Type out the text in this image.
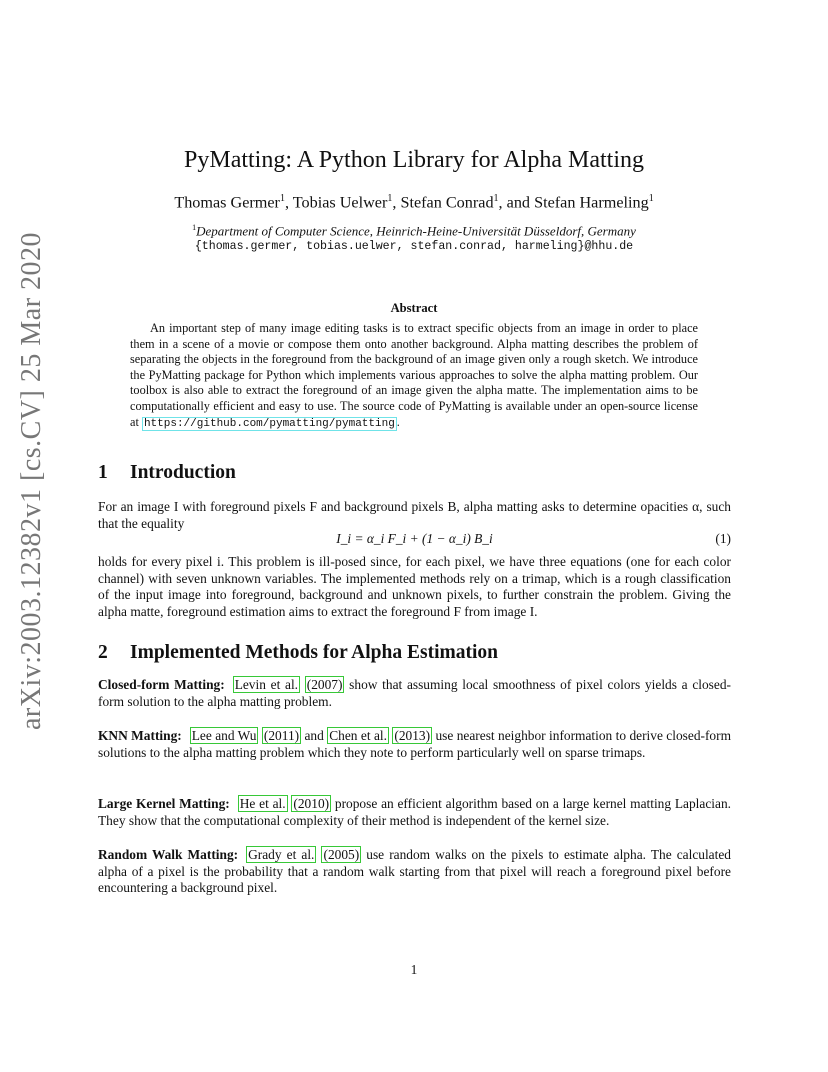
arXiv:2003.12382v1 [cs.CV] 25 Mar 2020
PyMatting: A Python Library for Alpha Matting
Thomas Germer$^1$, Tobias Uelwer$^1$, Stefan Conrad$^1$, and Stefan Harmeling$^1$
$^1$Department of Computer Science, Heinrich-Heine-Universität Düsseldorf, Germany
{thomas.germer, tobias.uelwer, stefan.conrad, harmeling}@hhu.de
Abstract

An important step of many image editing tasks is to extract specific objects from an image in order to place them in a scene of a movie or compose them onto another background. Alpha matting describes the problem of separating the objects in the foreground from the background of an image given only a rough sketch. We introduce the PyMatting package for Python which implements various approaches to solve the alpha matting problem. Our toolbox is also able to extract the foreground of an image given the alpha matte. The implementation aims to be computationally efficient and easy to use. The source code of PyMatting is available under an open-source license at https://github.com/pymatting/pymatting .

1 Introduction

For an image I with foreground pixels F and background pixels B, alpha matting asks to determine opacities α, such that the equality

I_i = α_i F_i + (1 − α_i) B_i	(1)

holds for every pixel i. This problem is ill-posed since, for each pixel, we have three equations (one for each color channel) with seven unknown variables. The implemented methods rely on a trimap, which is a rough classification of the input image into foreground, background and unknown pixels, to further constrain the problem. Giving the alpha matte, foreground estimation aims to extract the foreground F from image I.

2 Implemented Methods for Alpha Estimation

Closed-form Matting: Levin et al. (2007) show that assuming local smoothness of pixel colors yields a closed-form solution to the alpha matting problem.

KNN Matting: Lee and Wu (2011) and Chen et al. (2013) use nearest neighbor information to derive closed-form solutions to the alpha matting problem which they note to perform particularly well on sparse trimaps.

Large Kernel Matting: He et al. (2010) propose an efficient algorithm based on a large kernel matting Laplacian. They show that the computational complexity of their method is independent of the kernel size.

Random Walk Matting: Grady et al. (2005) use random walks on the pixels to estimate alpha. The calculated alpha of a pixel is the probability that a random walk starting from that pixel will reach a foreground pixel before encountering a background pixel.

1
